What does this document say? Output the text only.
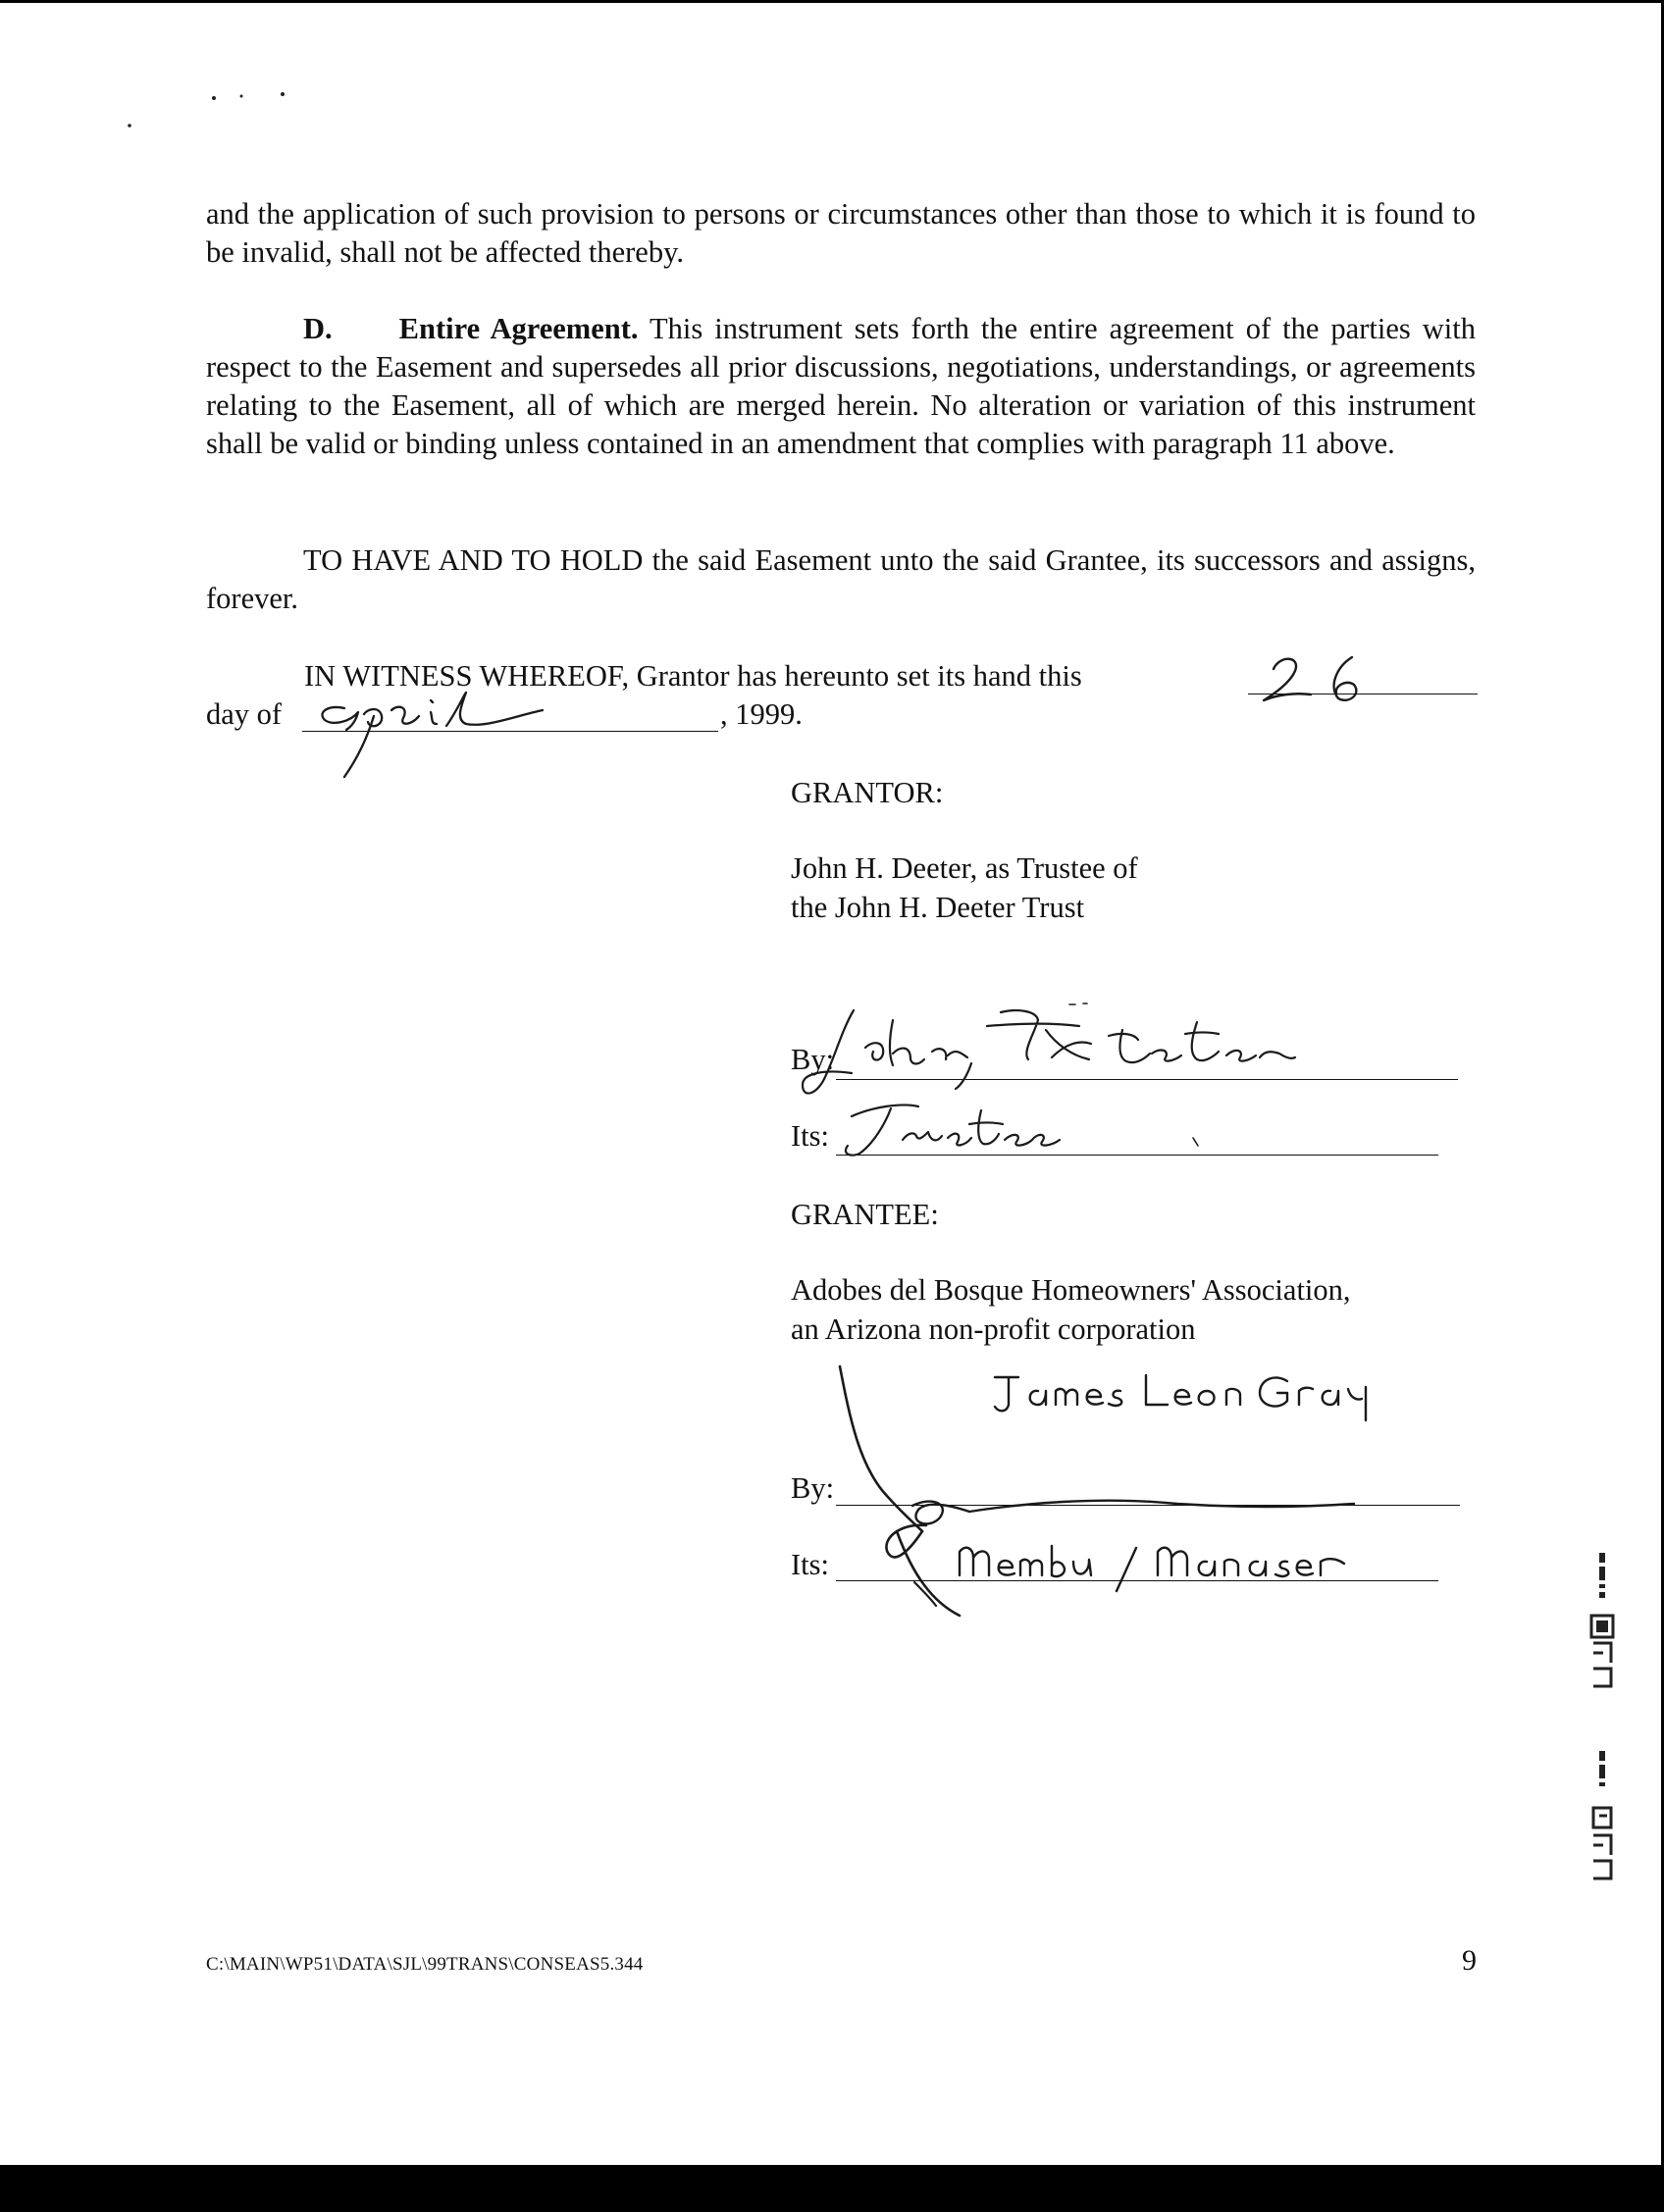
and the application of such provision to persons or circumstances other than those to which it is found to be invalid, shall not be affected thereby.
D. Entire Agreement. This instrument sets forth the entire agreement of the parties with respect to the Easement and supersedes all prior discussions, negotiations, understandings, or agreements relating to the Easement, all of which are merged herein. No alteration or variation of this instrument shall be valid or binding unless contained in an amendment that complies with paragraph 11 above.
TO HAVE AND TO HOLD the said Easement unto the said Grantee, its successors and assigns, forever.
IN WITNESS WHEREOF, Grantor has hereunto set its hand this
day of	, 1999.
GRANTOR:
John H. Deeter, as Trustee of
the John H. Deeter Trust
By:
Its:
GRANTEE:
Adobes del Bosque Homeowners' Association,
an Arizona non-profit corporation
By:
Its:
C:\MAIN\WP51\DATA\SJL\99TRANS\CONSEAS5.344	9
